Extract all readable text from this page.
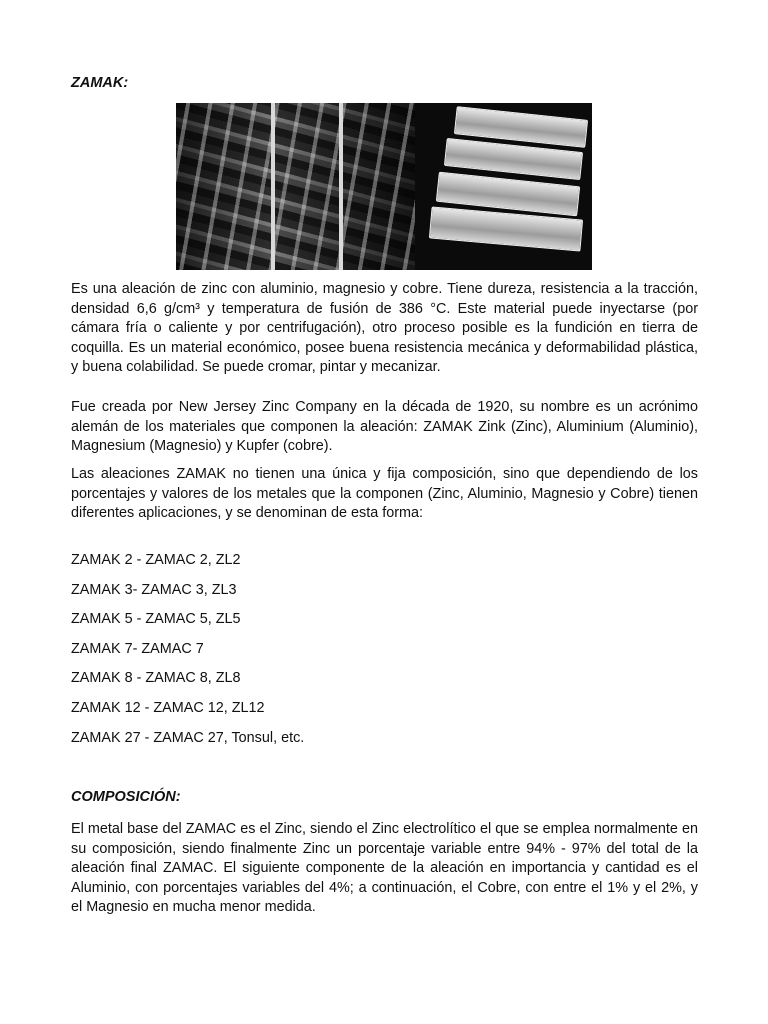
ZAMAK:

Es una aleación de zinc con aluminio, magnesio y cobre. Tiene dureza, resistencia a la tracción, densidad 6,6 g/cm³ y temperatura de fusión de 386 °C. Este material puede inyectarse (por cámara fría o caliente y por centrifugación), otro proceso posible es la fundición en tierra de coquilla. Es un material económico, posee buena resistencia mecánica y deformabilidad plástica, y buena colabilidad. Se puede cromar, pintar y mecanizar.

Fue creada por New Jersey Zinc Company en la década de 1920, su nombre es un acrónimo alemán de los materiales que componen la aleación: ZAMAK Zink (Zinc), Aluminium (Aluminio), Magnesium (Magnesio) y Kupfer (cobre).

Las aleaciones ZAMAK no tienen una única y fija composición, sino que dependiendo de los porcentajes y valores de los metales que la componen (Zinc, Aluminio, Magnesio y Cobre) tienen diferentes aplicaciones, y se denominan de esta forma:

ZAMAK 2 - ZAMAC 2, ZL2
ZAMAK 3- ZAMAC 3, ZL3
ZAMAK 5 - ZAMAC 5, ZL5
ZAMAK 7- ZAMAC 7
ZAMAK 8 - ZAMAC 8, ZL8
ZAMAK 12 - ZAMAC 12, ZL12
ZAMAK 27 - ZAMAC 27, Tonsul, etc.

COMPOSICIÓN:

El metal base del ZAMAC es el Zinc, siendo el Zinc electrolítico el que se emplea normalmente en su composición, siendo finalmente Zinc un porcentaje variable entre 94% - 97% del total de la aleación final ZAMAC. El siguiente componente de la aleación en importancia y cantidad es el Aluminio, con porcentajes variables del 4%; a continuación, el Cobre, con entre el 1% y el 2%, y el Magnesio en mucha menor medida.
